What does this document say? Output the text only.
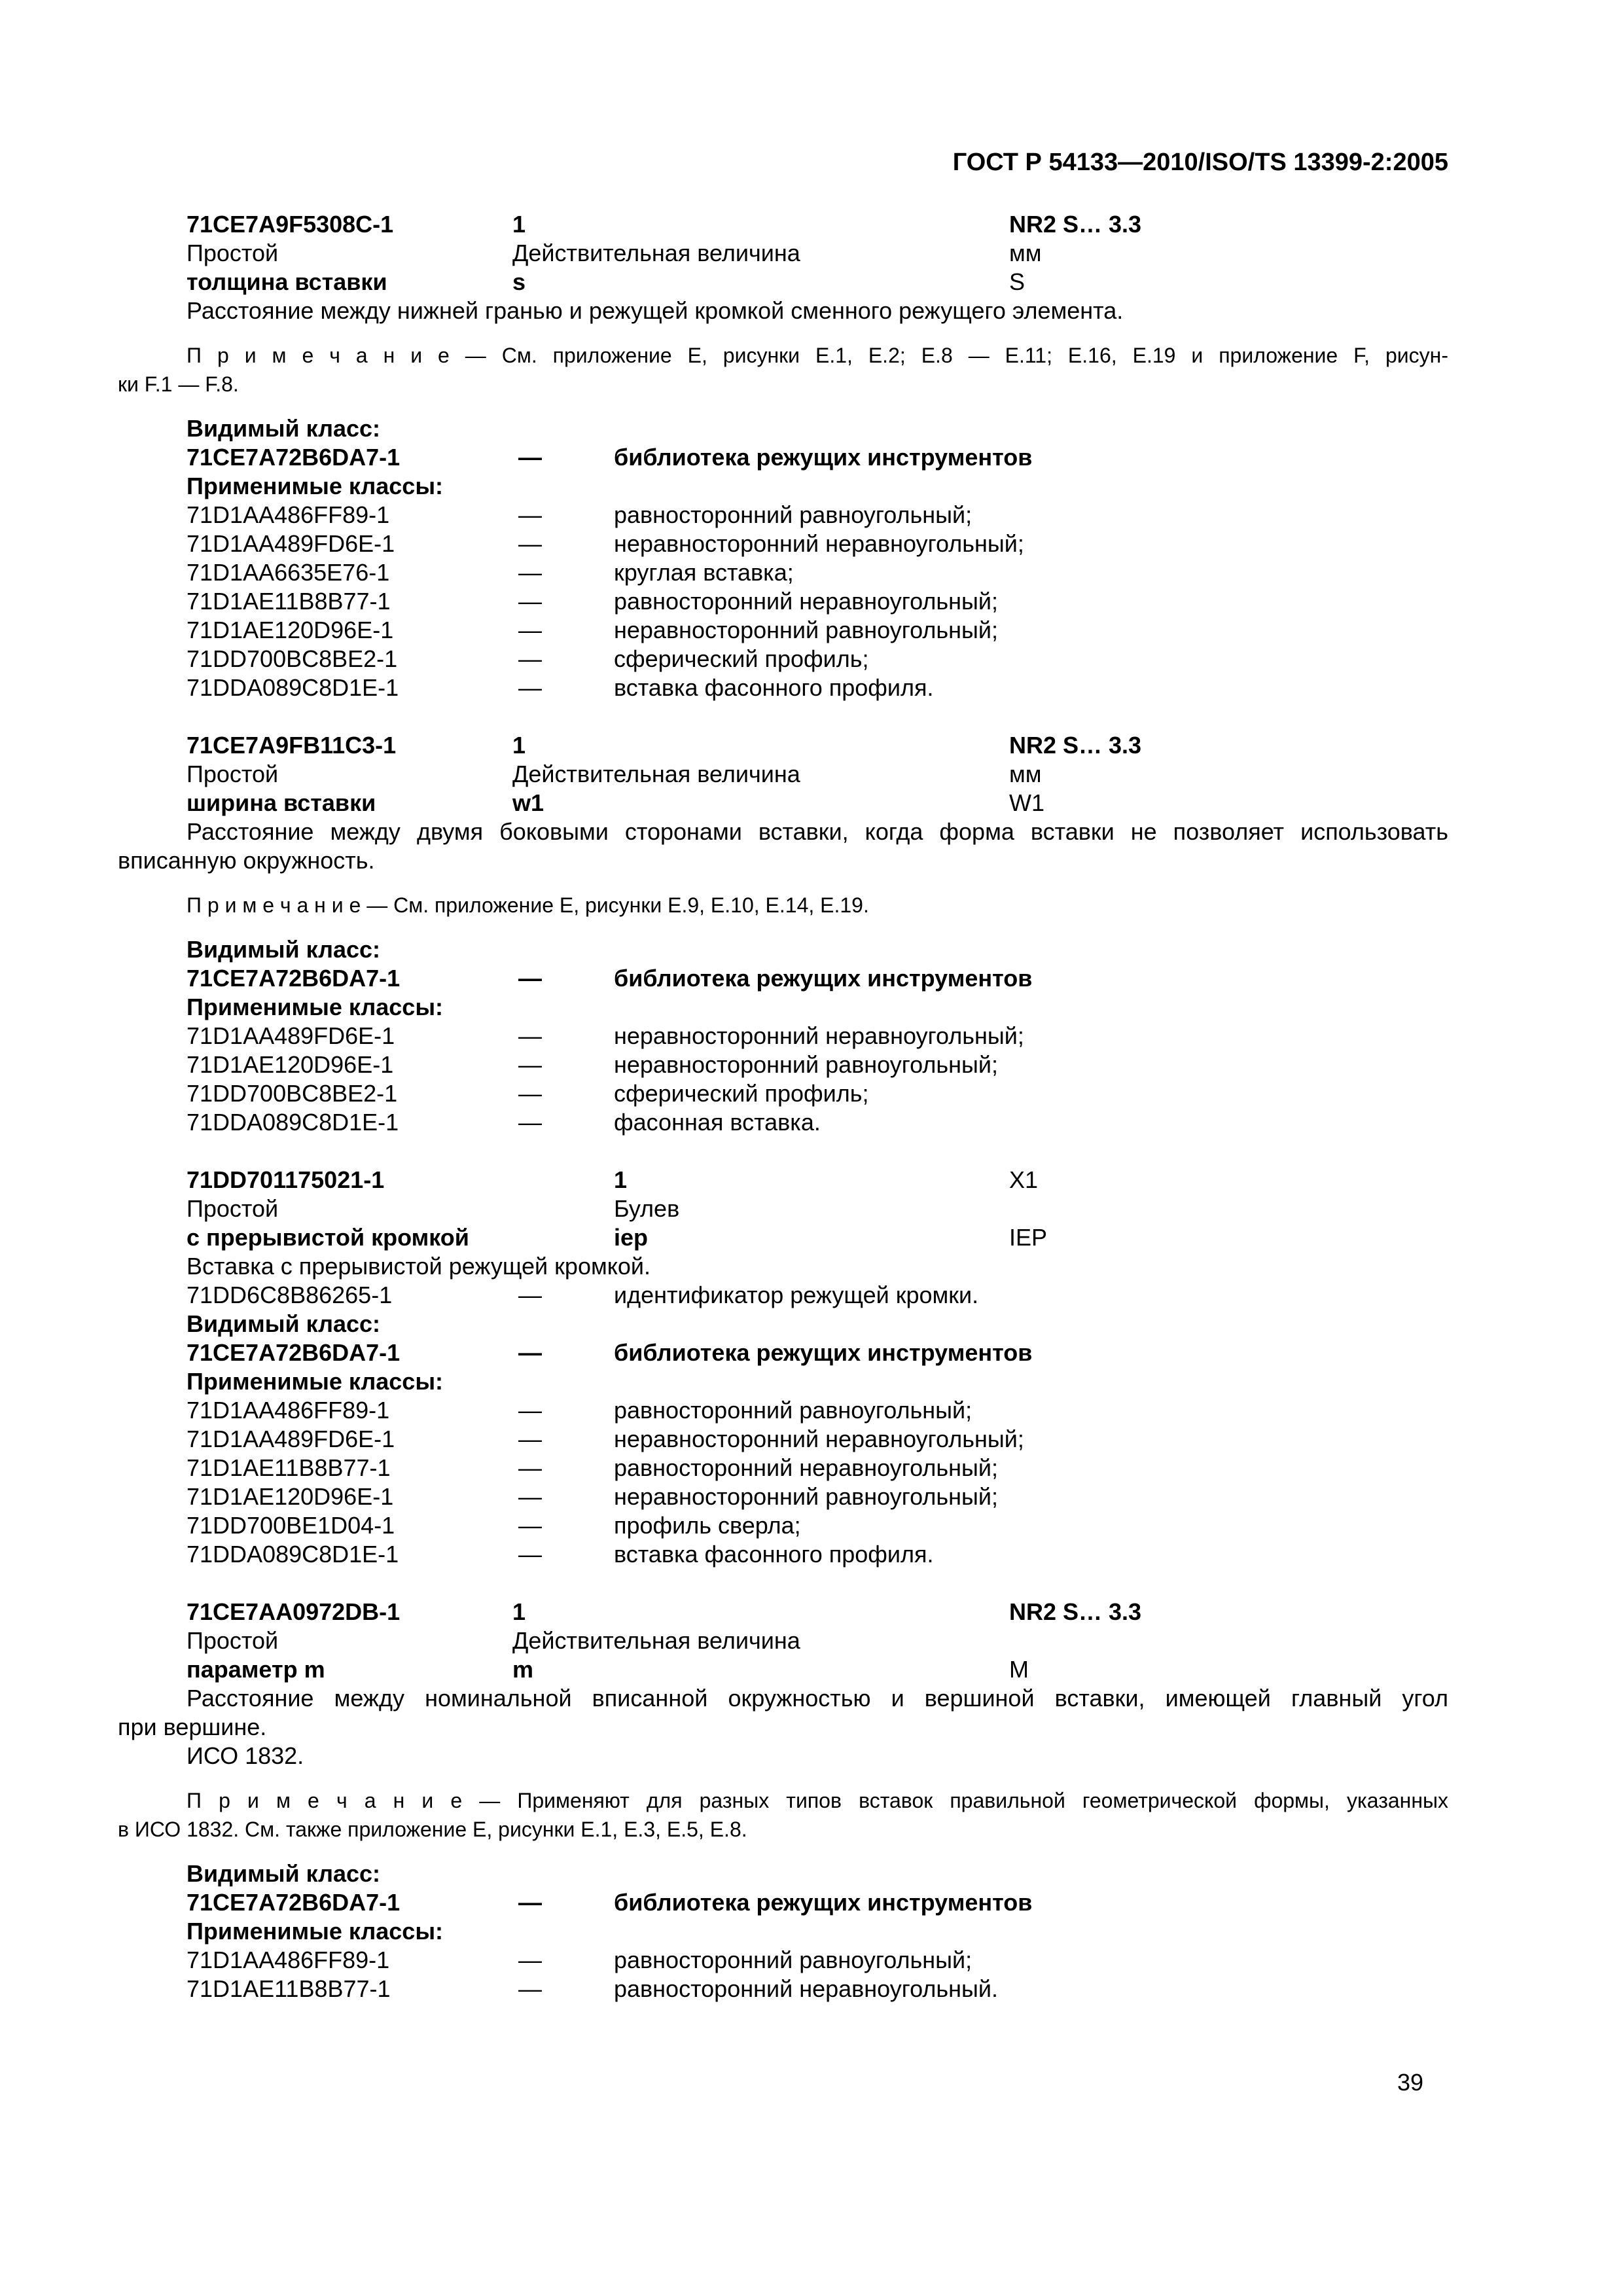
ГОСТ Р 54133—2010/ISO/TS 13399-2:2005
71CE7A9F5308C-1	1	NR2 S… 3.3
Простой	Действительная величина	мм
толщина вставки	s	S
Расстояние между нижней гранью и режущей кромкой сменного режущего элемента.
П р и м е ч а н и е — См. приложение Е, рисунки Е.1, Е.2; Е.8 — Е.11; Е.16, Е.19 и приложение F, рисун-
ки F.1 — F.8.
Видимый класс:
71CE7A72B6DA7-1	—	библиотека режущих инструментов
Применимые классы:
71D1AA486FF89-1	—	равносторонний равноугольный;
71D1AA489FD6E-1	—	неравносторонний неравноугольный;
71D1AA6635E76-1	—	круглая вставка;
71D1AE11B8B77-1	—	равносторонний неравноугольный;
71D1AE120D96E-1	—	неравносторонний равноугольный;
71DD700BC8BE2-1	—	сферический профиль;
71DDA089C8D1E-1	—	вставка фасонного профиля.
71CE7A9FB11C3-1	1	NR2 S… 3.3
Простой	Действительная величина	мм
ширина вставки	w1	W1
Расстояние между двумя боковыми сторонами вставки, когда форма вставки не позволяет использовать
вписанную окружность.
П р и м е ч а н и е — См. приложение Е, рисунки Е.9, Е.10, Е.14, Е.19.
Видимый класс:
71CE7A72B6DA7-1	—	библиотека режущих инструментов
Применимые классы:
71D1AA489FD6E-1	—	неравносторонний неравноугольный;
71D1AE120D96E-1	—	неравносторонний равноугольный;
71DD700BC8BE2-1	—	сферический профиль;
71DDA089C8D1E-1	—	фасонная вставка.
71DD701175021-1	1	X1
Простой	Булев
с прерывистой кромкой	iep	IEP
Вставка с прерывистой режущей кромкой.
71DD6C8B86265-1	—	идентификатор режущей кромки.
Видимый класс:
71CE7A72B6DA7-1	—	библиотека режущих инструментов
Применимые классы:
71D1AA486FF89-1	—	равносторонний равноугольный;
71D1AA489FD6E-1	—	неравносторонний неравноугольный;
71D1AE11B8B77-1	—	равносторонний неравноугольный;
71D1AE120D96E-1	—	неравносторонний равноугольный;
71DD700BE1D04-1	—	профиль сверла;
71DDA089C8D1E-1	—	вставка фасонного профиля.
71CE7AA0972DB-1	1	NR2 S… 3.3
Простой	Действительная величина
параметр m	m	M
Расстояние между номинальной вписанной окружностью и вершиной вставки, имеющей главный угол
при вершине.
ИСО 1832.
П р и м е ч а н и е — Применяют для разных типов вставок правильной геометрической формы, указанных
в ИСО 1832. См. также приложение Е, рисунки Е.1, Е.3, Е.5, Е.8.
Видимый класс:
71CE7A72B6DA7-1	—	библиотека режущих инструментов
Применимые классы:
71D1AA486FF89-1	—	равносторонний равноугольный;
71D1AE11B8B77-1	—	равносторонний неравноугольный.
39
